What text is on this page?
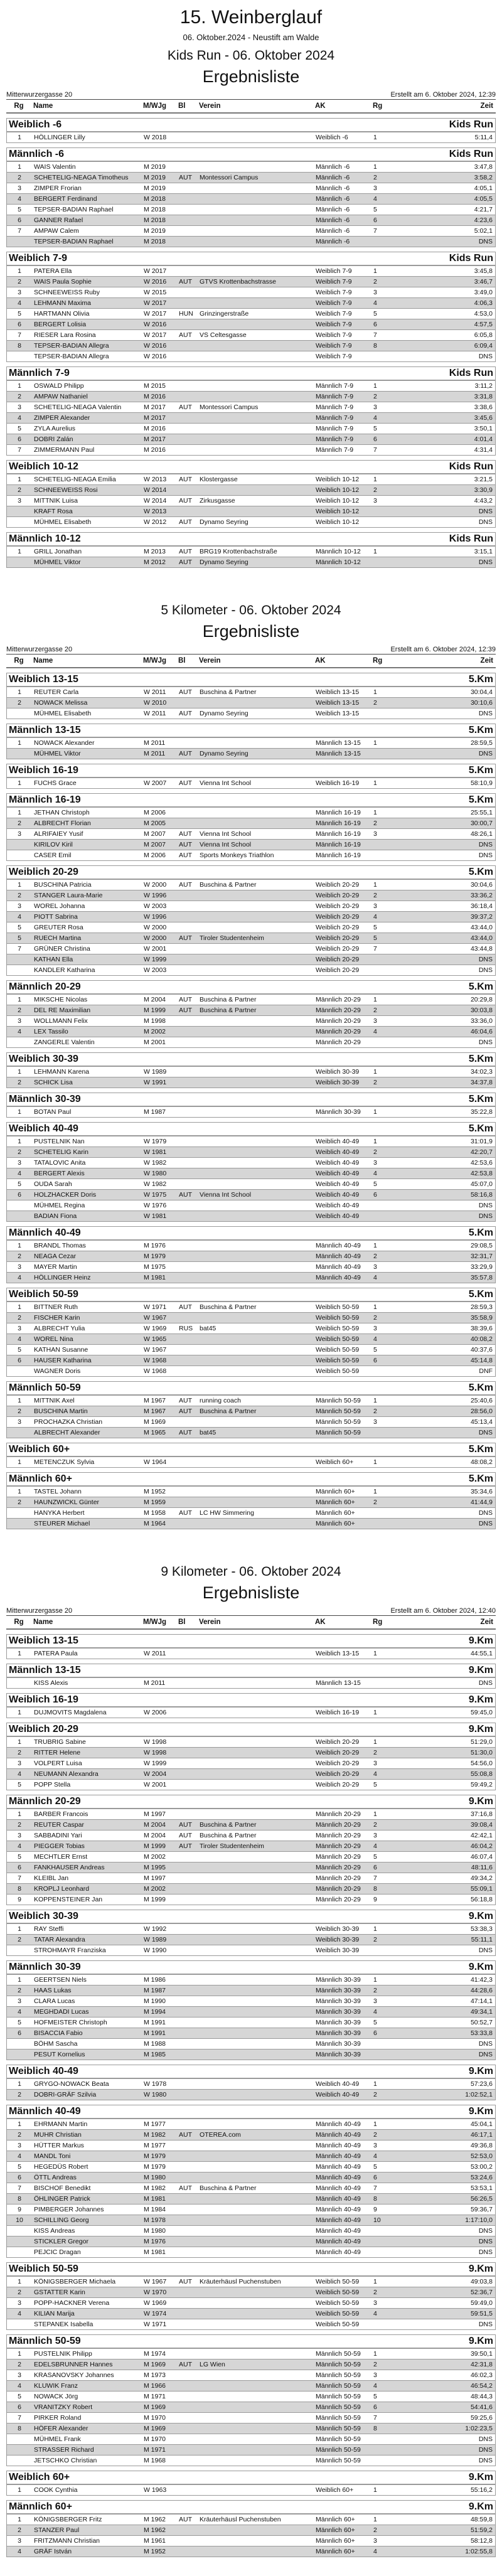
15. Weinberglauf
06. Oktober.2024 - Neustift am Walde
Kids Run - 06. Oktober 2024
Ergebnisliste
Mitterwurzergasse 20	Erstellt am 6. Oktober 2024, 12:39
Rg	Name	M/WJg	Bl	Verein	AK	Rg	Zeit
Weiblich -6	Kids Run
1	HÖLLINGER Lilly	W 2018	Weiblich -6	1	5:11,4
Männlich -6	Kids Run
1	WAIS Valentin	M 2019	Männlich -6	1	3:47,8
2	SCHETELIG-NEAGA Timotheus	M 2019	AUT	Montessori Campus	Männlich -6	2	3:58,2
3	ZIMPER Frorian	M 2019	Männlich -6	3	4:05,1
4	BERGERT Ferdinand	M 2018	Männlich -6	4	4:05,5
5	TEPSER-BADIAN Raphael	M 2018	Männlich -6	5	4:21,7
6	GANNER Rafael	M 2018	Männlich -6	6	4:23,6
7	AMPAW Calem	M 2019	Männlich -6	7	5:02,1
TEPSER-BADIAN Raphael	M 2018	Männlich -6	DNS
Weiblich 7-9	Kids Run
1	PATERA Ella	W 2017	Weiblich 7-9	1	3:45,8
2	WAIS Paula Sophie	W 2016	AUT	GTVS Krottenbachstrasse	Weiblich 7-9	2	3:46,7
3	SCHNEEWEISS Ruby	W 2015	Weiblich 7-9	3	3:49,0
4	LEHMANN Maxima	W 2017	Weiblich 7-9	4	4:06,3
5	HARTMANN Olivia	W 2017	HUN Grinzingerstraße	Weiblich 7-9	5	4:53,0
6	BERGERT Lolisia	W 2016	Weiblich 7-9	6	4:57,5
7	RIESER Lara Rosina	W 2017	AUT	VS Celtesgasse	Weiblich 7-9	7	6:05,8
8	TEPSER-BADIAN Allegra	W 2016	Weiblich 7-9	8	6:09,4
TEPSER-BADIAN Allegra	W 2016	Weiblich 7-9	DNS
Männlich 7-9	Kids Run
1	OSWALD Philipp	M 2015	Männlich 7-9	1	3:11,2
2	AMPAW Nathaniel	M 2016	Männlich 7-9	2	3:31,8
3	SCHETELIG-NEAGA Valentin	M 2017	AUT	Montessori Campus	Männlich 7-9	3	3:38,6
4	ZIMPER Alexander	M 2017	Männlich 7-9	4	3:45,6
5	ZYLA Aurelius	M 2016	Männlich 7-9	5	3:50,1
6	DOBRI Zalán	M 2017	Männlich 7-9	6	4:01,4
7	ZIMMERMANN Paul	M 2016	Männlich 7-9	7	4:31,4
Weiblich 10-12	Kids Run
1	SCHETELIG-NEAGA Emilia	W 2013	AUT	Klostergasse	Weiblich 10-12	1	3:21,5
2	SCHNEEWEISS Rosi	W 2014	Weiblich 10-12	2	3:30,9
3	MITTNIK Luisa	W 2014	AUT	Zirkusgasse	Weiblich 10-12	3	4:43,2
KRAFT Rosa	W 2013	Weiblich 10-12	DNS
MÜHMEL Elisabeth	W 2012	AUT	Dynamo Seyring	Weiblich 10-12	DNS
Männlich 10-12	Kids Run
1	GRILL Jonathan	M 2013	AUT	BRG19 Krottenbachstraße	Männlich 10-12	1	3:15,1
MÜHMEL Viktor	M 2012	AUT	Dynamo Seyring	Männlich 10-12	DNS
5 Kilometer - 06. Oktober 2024
Ergebnisliste
Mitterwurzergasse 20	Erstellt am 6. Oktober 2024, 12:39
Rg	Name	M/WJg	Bl	Verein	AK	Rg	Zeit
Weiblich 13-15	5.Km
1	REUTER Carla	W 2011	AUT	Buschina & Partner	Weiblich 13-15	1	30:04,4
2	NOWACK Melissa	W 2010	Weiblich 13-15	2	30:10,6
MÜHMEL Elisabeth	W 2011	AUT	Dynamo Seyring	Weiblich 13-15	DNS
Männlich 13-15	5.Km
1	NOWACK Alexander	M 2011	Männlich 13-15	1	28:59,5
MÜHMEL Viktor	M 2011	AUT	Dynamo Seyring	Männlich 13-15	DNS
Weiblich 16-19	5.Km
1	FUCHS Grace	W 2007	AUT	Vienna Int School	Weiblich 16-19	1	58:10,9
Männlich 16-19	5.Km
1	JETHAN Christoph	M 2006	Männlich 16-19	1	25:55,1
2	ALBRECHT Florian	M 2005	Männlich 16-19	2	30:00,7
3	ALRIFAIEY Yusif	M 2007	AUT	Vienna Int School	Männlich 16-19	3	48:26,1
KIRILOV Kiril	M 2007	AUT	Vienna Int School	Männlich 16-19	DNS
CASER Emil	M 2006	AUT	Sports Monkeys Triathlon	Männlich 16-19	DNS
Weiblich 20-29	5.Km
1	BUSCHINA Patricia	W 2000	AUT	Buschina & Partner	Weiblich 20-29	1	30:04,6
2	STANGER Laura-Marie	W 1996	Weiblich 20-29	2	33:36,2
3	WOREL Johanna	W 2003	Weiblich 20-29	3	36:18,4
4	PIOTT Sabrina	W 1996	Weiblich 20-29	4	39:37,2
5	GREUTER Rosa	W 2000	Weiblich 20-29	5	43:44,0
5	RUECH Martina	W 2000	AUT	Tiroler Studentenheim	Weiblich 20-29	5	43:44,0
7	GRÜNER Christina	W 2001	Weiblich 20-29	7	43:44,8
KATHAN Ella	W 1999	Weiblich 20-29	DNS
KANDLER Katharina	W 2003	Weiblich 20-29	DNS
Männlich 20-29	5.Km
1	MIKSCHE Nicolas	M 2004	AUT	Buschina & Partner	Männlich 20-29	1	20:29,8
2	DEL RE Maximilian	M 1999	AUT	Buschina & Partner	Männlich 20-29	2	30:03,8
3	WOLLMANN Felix	M 1998	Männlich 20-29	3	33:36,0
4	LEX Tassilo	M 2002	Männlich 20-29	4	46:04,6
ZANGERLE Valentin	M 2001	Männlich 20-29	DNS
Weiblich 30-39	5.Km
1	LEHMANN Karena	W 1989	Weiblich 30-39	1	34:02,3
2	SCHICK Lisa	W 1991	Weiblich 30-39	2	34:37,8
Männlich 30-39	5.Km
1	BOTAN Paul	M 1987	Männlich 30-39	1	35:22,8
Weiblich 40-49	5.Km
1	PUSTELNIK Nan	W 1979	Weiblich 40-49	1	31:01,9
2	SCHETELIG Karin	W 1981	Weiblich 40-49	2	42:20,7
3	TATALOVIC Anita	W 1982	Weiblich 40-49	3	42:53,6
4	BERGERT Alexis	W 1980	Weiblich 40-49	4	42:53,8
5	OUDA Sarah	W 1982	Weiblich 40-49	5	45:07,0
6	HOLZHACKER Doris	W 1975	AUT	Vienna Int School	Weiblich 40-49	6	58:16,8
MÜHMEL Regina	W 1976	Weiblich 40-49	DNS
BADIAN Fiona	W 1981	Weiblich 40-49	DNS
Männlich 40-49	5.Km
1	BRANDL Thomas	M 1976	Männlich 40-49	1	29:08,5
2	NEAGA Cezar	M 1979	Männlich 40-49	2	32:31,7
3	MAYER Martin	M 1975	Männlich 40-49	3	33:29,9
4	HÖLLINGER Heinz	M 1981	Männlich 40-49	4	35:57,8
Weiblich 50-59	5.Km
1	BITTNER Ruth	W 1971	AUT	Buschina & Partner	Weiblich 50-59	1	28:59,3
2	FISCHER Karin	W 1967	Weiblich 50-59	2	35:58,9
3	ALBRECHT Yulia	W 1969	RUS	bat45	Weiblich 50-59	3	38:39,6
4	WOREL Nina	W 1965	Weiblich 50-59	4	40:08,2
5	KATHAN Susanne	W 1967	Weiblich 50-59	5	40:37,6
6	HAUSER Katharina	W 1968	Weiblich 50-59	6	45:14,8
WAGNER Doris	W 1968	Weiblich 50-59	DNF
Männlich 50-59	5.Km
1	MITTNIK Axel	M 1967	AUT	running coach	Männlich 50-59	1	25:40,6
2	BUSCHINA Martin	M 1967	AUT	Buschina & Partner	Männlich 50-59	2	28:56,0
3	PROCHAZKA Christian	M 1969	Männlich 50-59	3	45:13,4
ALBRECHT Alexander	M 1965	AUT	bat45	Männlich 50-59	DNS
Weiblich 60+	5.Km
1	METENCZUK Sylvia	W 1964	Weiblich 60+	1	48:08,2
Männlich 60+	5.Km
1	TASTEL Johann	M 1952	Männlich 60+	1	35:34,6
2	HAUNZWICKL Günter	M 1959	Männlich 60+	2	41:44,9
HANYKA Herbert	M 1958	AUT	LC HW Simmering	Männlich 60+	DNS
STEURER Michael	M 1964	Männlich 60+	DNS
9 Kilometer - 06. Oktober 2024
Ergebnisliste
Mitterwurzergasse 20	Erstellt am 6. Oktober 2024, 12:40
Rg	Name	M/WJg	Bl	Verein	AK	Rg	Zeit
Weiblich 13-15	9.Km
1	PATERA Paula	W 2011	Weiblich 13-15	1	44:55,1
Männlich 13-15	9.Km
KISS Alexis	M 2011	Männlich 13-15	DNS
Weiblich 16-19	9.Km
1	DUJMOVITS Magdalena	W 2006	Weiblich 16-19	1	59:45,0
Weiblich 20-29	9.Km
1	TRUBRIG Sabine	W 1998	Weiblich 20-29	1	51:29,0
2	RITTER Helene	W 1998	Weiblich 20-29	2	51:30,0
3	VOLPERT Luisa	W 1999	Weiblich 20-29	3	54:56,0
4	NEUMANN Alexandra	W 2004	Weiblich 20-29	4	55:08,8
5	POPP Stella	W 2001	Weiblich 20-29	5	59:49,2
Männlich 20-29	9.Km
1	BARBER Francois	M 1997	Männlich 20-29	1	37:16,8
2	REUTER Caspar	M 2004	AUT	Buschina & Partner	Männlich 20-29	2	39:08,4
3	SABBADINI Yari	M 2004	AUT	Buschina & Partner	Männlich 20-29	3	42:42,1
4	PIEGGER Tobias	M 1999	AUT	Tiroler Studentenheim	Männlich 20-29	4	46:04,2
5	MECHTLER Ernst	M 2002	Männlich 20-29	5	46:07,4
6	FANKHAUSER Andreas	M 1995	Männlich 20-29	6	48:11,6
7	KLEIBL Jan	M 1997	Männlich 20-29	7	49:34,2
8	KROPLJ Leonhard	M 2002	Männlich 20-29	8	55:09,1
9	KOPPENSTEINER Jan	M 1999	Männlich 20-29	9	56:18,8
Weiblich 30-39	9.Km
1	RAY Steffi	W 1992	Weiblich 30-39	1	53:38,3
2	TATAR Alexandra	W 1989	Weiblich 30-39	2	55:11,1
STROHMAYR Franziska	W 1990	Weiblich 30-39	DNS
Männlich 30-39	9.Km
1	GEERTSEN Niels	M 1986	Männlich 30-39	1	41:42,3
2	HAAS Lukas	M 1987	Männlich 30-39	2	44:28,6
3	CLARA Lucas	M 1990	Männlich 30-39	3	47:14,1
4	MEGHDADI Lucas	M 1994	Männlich 30-39	4	49:34,1
5	HOFMEISTER Christoph	M 1991	Männlich 30-39	5	50:52,7
6	BISACCIA Fabio	M 1991	Männlich 30-39	6	53:33,8
BÖHM Sascha	M 1988	Männlich 30-39	DNS
PESUT Kornelius	M 1985	Männlich 30-39	DNS
Weiblich 40-49	9.Km
1	GRYGO-NOWACK Beata	W 1978	Weiblich 40-49	1	57:23,6
2	DOBRI-GRÄF Szilvia	W 1980	Weiblich 40-49	2	1:02:52,1
Männlich 40-49	9.Km
1	EHRMANN Martin	M 1977	Männlich 40-49	1	45:04,1
2	MUHR Christian	M 1982	AUT	OTEREA.com	Männlich 40-49	2	46:17,1
3	HÜTTER Markus	M 1977	Männlich 40-49	3	49:36,8
4	MANDL Toni	M 1979	Männlich 40-49	4	52:53,0
5	HEGEDÜS Robert	M 1979	Männlich 40-49	5	53:00,2
6	ÖTTL Andreas	M 1980	Männlich 40-49	6	53:24,6
7	BISCHOF Benedikt	M 1982	AUT	Buschina & Partner	Männlich 40-49	7	53:53,1
8	ÖHLINGER Patrick	M 1981	Männlich 40-49	8	56:26,5
9	PIMBERGER Johannes	M 1984	Männlich 40-49	9	59:36,7
10	SCHILLING Georg	M 1978	Männlich 40-49	10	1:17:10,0
KISS Andreas	M 1980	Männlich 40-49	DNS
STICKLER Gregor	M 1976	Männlich 40-49	DNS
PEJCIC Dragan	M 1981	Männlich 40-49	DNS
Weiblich 50-59	9.Km
1	KÖNIGSBERGER Michaela	W 1967	AUT	Kräuterhäusl Puchenstuben	Weiblich 50-59	1	49:03,8
2	GSTATTER Karin	W 1970	Weiblich 50-59	2	52:36,7
3	POPP-HACKNER Verena	W 1969	Weiblich 50-59	3	59:49,0
4	KILIAN Marija	W 1974	Weiblich 50-59	4	59:51,5
STEPANEK Isabella	W 1971	Weiblich 50-59	DNS
Männlich 50-59	9.Km
1	PUSTELNIK Philipp	M 1974	Männlich 50-59	1	39:50,1
2	EDELSBRUNNER Hannes	M 1969	AUT	LG Wien	Männlich 50-59	2	42:31,8
3	KRASANOVSKY Johannes	M 1973	Männlich 50-59	3	46:02,3
4	KLUWIK Franz	M 1966	Männlich 50-59	4	46:54,2
5	NOWACK Jörg	M 1971	Männlich 50-59	5	48:44,3
6	VRANITZKY Robert	M 1969	Männlich 50-59	6	54:41,6
7	PIRKER Roland	M 1970	Männlich 50-59	7	59:25,6
8	HÖFER Alexander	M 1969	Männlich 50-59	8	1:02:23,5
MÜHMEL Frank	M 1970	Männlich 50-59	DNS
STRASSER Richard	M 1971	Männlich 50-59	DNS
JETSCHKO Christian	M 1968	Männlich 50-59	DNS
Weiblich 60+	9.Km
1	COOK Cynthia	W 1963	Weiblich 60+	1	55:16,2
Männlich 60+	9.Km
1	KÖNIGSBERGER Fritz	M 1962	AUT	Kräuterhäusl Puchenstuben	Männlich 60+	1	48:59,8
2	STANZER Paul	M 1962	Männlich 60+	2	51:59,2
3	FRITZMANN Christian	M 1961	Männlich 60+	3	58:12,8
4	GRÄF István	M 1952	Männlich 60+	4	1:02:55,8
